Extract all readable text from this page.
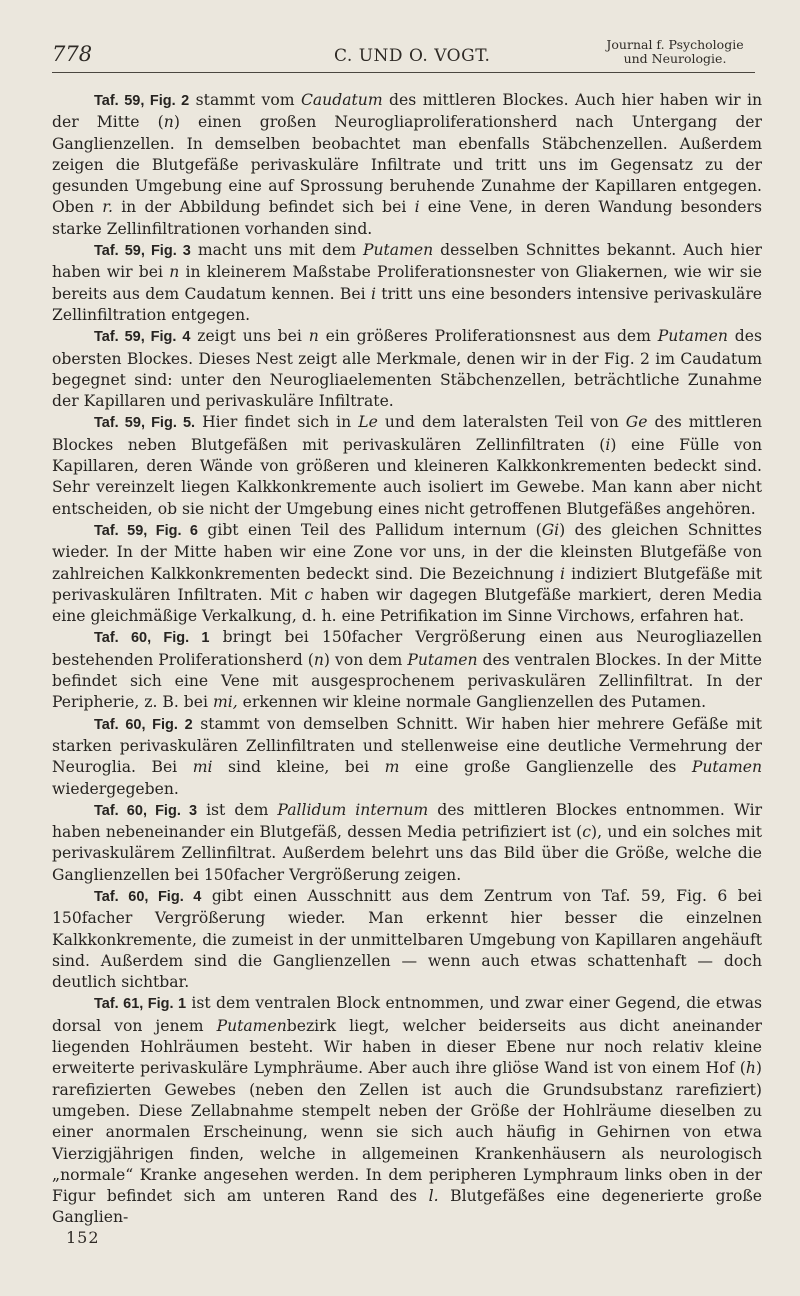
778	C. UND O. VOGT.
Journal f. Psychologie
und Neurologie.

Taf. 59, Fig. 2 stammt vom Caudatum des mittleren Blockes. Auch hier haben wir in der Mitte (n) einen großen Neurogliaproliferationsherd nach Untergang der Ganglienzellen. In demselben beobachtet man ebenfalls Stäbchenzellen. Außerdem zeigen die Blutgefäße perivaskuläre Infiltrate und tritt uns im Gegensatz zu der gesunden Umgebung eine auf Sprossung beruhende Zunahme der Kapillaren entgegen. Oben r. in der Abbildung befindet sich bei i eine Vene, in deren Wandung besonders starke Zellinfiltrationen vorhanden sind.

Taf. 59, Fig. 3 macht uns mit dem Putamen desselben Schnittes bekannt. Auch hier haben wir bei n in kleinerem Maßstabe Proliferationsnester von Gliakernen, wie wir sie bereits aus dem Caudatum kennen. Bei i tritt uns eine besonders intensive perivaskuläre Zellinfiltration entgegen.

Taf. 59, Fig. 4 zeigt uns bei n ein größeres Proliferationsnest aus dem Putamen des obersten Blockes. Dieses Nest zeigt alle Merkmale, denen wir in der Fig. 2 im Caudatum begegnet sind: unter den Neurogliaelementen Stäbchenzellen, beträchtliche Zunahme der Kapillaren und perivaskuläre Infiltrate.

Taf. 59, Fig. 5. Hier findet sich in Le und dem lateralsten Teil von Ge des mittleren Blockes neben Blutgefäßen mit perivaskulären Zellinfiltraten (i) eine Fülle von Kapillaren, deren Wände von größeren und kleineren Kalkkonkrementen bedeckt sind. Sehr vereinzelt liegen Kalkkonkremente auch isoliert im Gewebe. Man kann aber nicht entscheiden, ob sie nicht der Umgebung eines nicht getroffenen Blutgefäßes angehören.

Taf. 59, Fig. 6 gibt einen Teil des Pallidum internum (Gi) des gleichen Schnittes wieder. In der Mitte haben wir eine Zone vor uns, in der die kleinsten Blutgefäße von zahlreichen Kalkkonkrementen bedeckt sind. Die Bezeichnung i indiziert Blutgefäße mit perivaskulären Infiltraten. Mit c haben wir dagegen Blutgefäße markiert, deren Media eine gleichmäßige Verkalkung, d. h. eine Petrifikation im Sinne Virchows, erfahren hat.

Taf. 60, Fig. 1 bringt bei 150facher Vergrößerung einen aus Neurogliazellen bestehenden Proliferationsherd (n) von dem Putamen des ventralen Blockes. In der Mitte befindet sich eine Vene mit ausgesprochenem perivaskulären Zellinfiltrat. In der Peripherie, z. B. bei mi, erkennen wir kleine normale Ganglienzellen des Putamen.

Taf. 60, Fig. 2 stammt von demselben Schnitt. Wir haben hier mehrere Gefäße mit starken perivaskulären Zellinfiltraten und stellenweise eine deutliche Vermehrung der Neuroglia. Bei mi sind kleine, bei m eine große Ganglienzelle des Putamen wiedergegeben.

Taf. 60, Fig. 3 ist dem Pallidum internum des mittleren Blockes entnommen. Wir haben nebeneinander ein Blutgefäß, dessen Media petrifiziert ist (c), und ein solches mit perivaskulärem Zellinfiltrat. Außerdem belehrt uns das Bild über die Größe, welche die Ganglienzellen bei 150facher Vergrößerung zeigen.

Taf. 60, Fig. 4 gibt einen Ausschnitt aus dem Zentrum von Taf. 59, Fig. 6 bei 150facher Vergrößerung wieder. Man erkennt hier besser die einzelnen Kalkkonkremente, die zumeist in der unmittelbaren Umgebung von Kapillaren angehäuft sind. Außerdem sind die Ganglienzellen — wenn auch etwas schattenhaft — doch deutlich sichtbar.

Taf. 61, Fig. 1 ist dem ventralen Block entnommen, und zwar einer Gegend, die etwas dorsal von jenem Putamenbezirk liegt, welcher beiderseits aus dicht aneinander liegenden Hohlräumen besteht. Wir haben in dieser Ebene nur noch relativ kleine erweiterte perivaskuläre Lymphräume. Aber auch ihre gliöse Wand ist von einem Hof (h) rarefizierten Gewebes (neben den Zellen ist auch die Grundsubstanz rarefiziert) umgeben. Diese Zellabnahme stempelt neben der Größe der Hohlräume dieselben zu einer anormalen Erscheinung, wenn sie sich auch häufig in Gehirnen von etwa Vierzigjährigen finden, welche in allgemeinen Krankenhäusern als neurologisch „normale“ Kranke angesehen werden. In dem peripheren Lymphraum links oben in der Figur befindet sich am unteren Rand des l. Blutgefäßes eine degenerierte große Ganglien-

152
